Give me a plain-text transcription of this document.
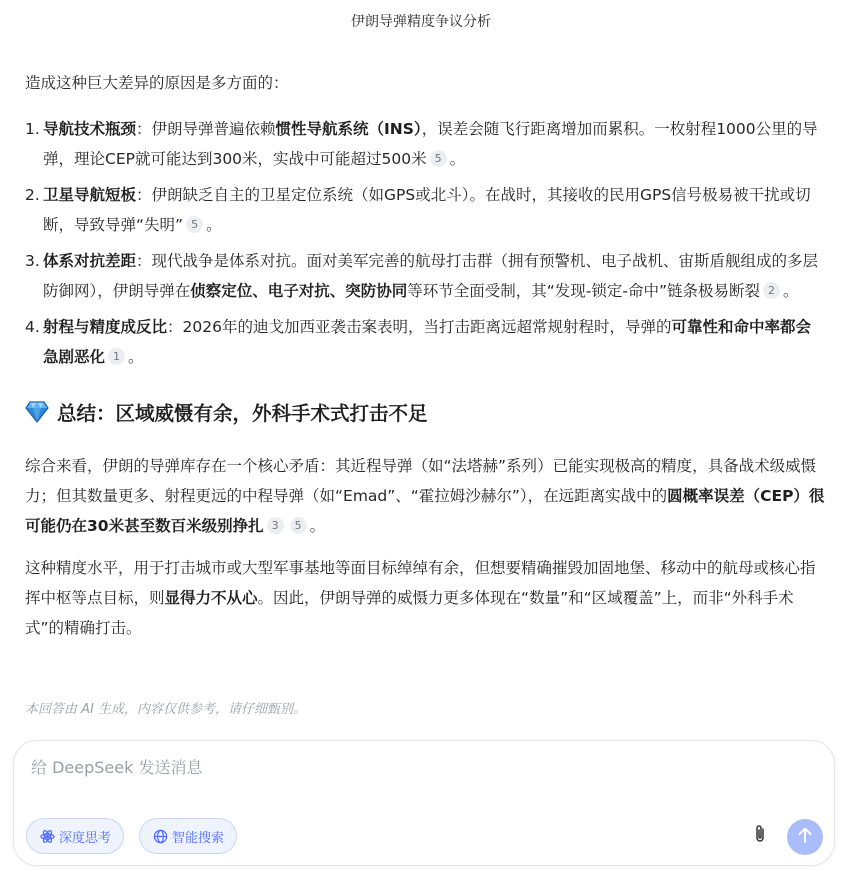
伊朗导弹精度争议分析

造成这种巨大差异的原因是多方面的：

1. 导航技术瓶颈：伊朗导弹普遍依赖惯性导航系统（INS），误差会随飞行距离增加而累积。一枚射程1000公里的导弹，理论CEP就可能达到300米，实战中可能超过500米 5 。
2. 卫星导航短板：伊朗缺乏自主的卫星定位系统（如GPS或北斗）。在战时，其接收的民用GPS信号极易被干扰或切断，导致导弹“失明” 5 。
3. 体系对抗差距：现代战争是体系对抗。面对美军完善的航母打击群（拥有预警机、电子战机、宙斯盾舰组成的多层防御网），伊朗导弹在侦察定位、电子对抗、突防协同等环节全面受制，其“发现-锁定-命中”链条极易断裂 2 。
4. 射程与精度成反比：2026年的迪戈加西亚袭击案表明，当打击距离远超常规射程时，导弹的可靠性和命中率都会急剧恶化 1 。
总结：区域威慑有余，外科手术式打击不足

综合来看，伊朗的导弹库存在一个核心矛盾：其近程导弹（如“法塔赫”系列）已能实现极高的精度，具备战术级威慑力；但其数量更多、射程更远的中程导弹（如“Emad”、“霍拉姆沙赫尔”），在远距离实战中的圆概率误差（CEP）很可能仍在30米甚至数百米级别挣扎 3 5 。

这种精度水平，用于打击城市或大型军事基地等面目标绰绰有余，但想要精确摧毁加固地堡、移动中的航母或核心指挥中枢等点目标，则显得力不从心。因此，伊朗导弹的威慑力更多体现在“数量”和“区域覆盖”上，而非“外科手术式”的精确打击。

本回答由 AI 生成，内容仅供参考，请仔细甄别。
给 DeepSeek 发送消息
深度思考	智能搜索
